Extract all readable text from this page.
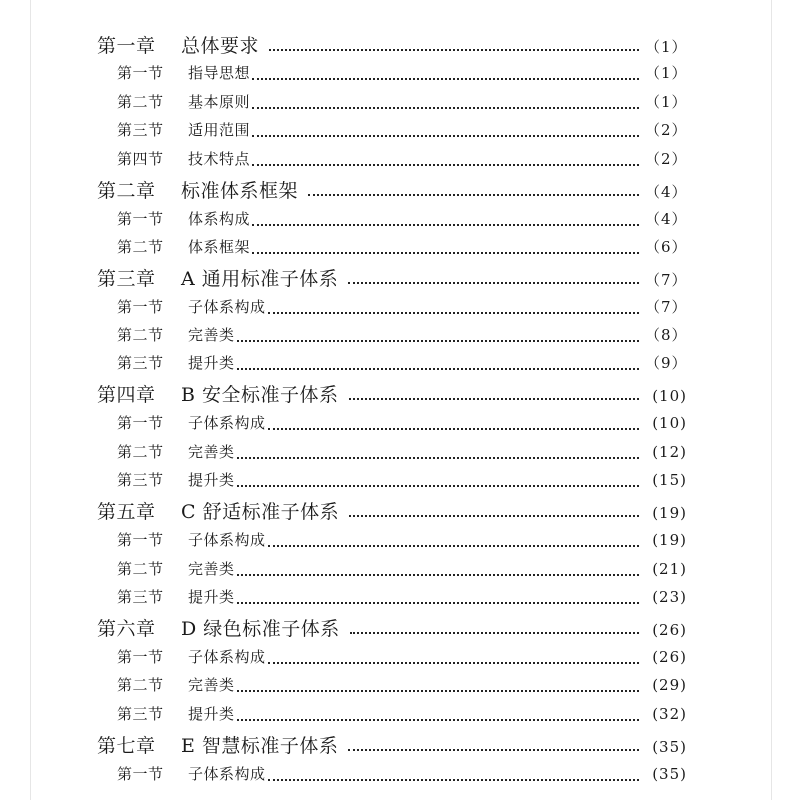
第一章	总体要求	（1）
第一节	指导思想	（1）
第二节	基本原则	（1）
第三节	适用范围	（2）
第四节	技术特点	（2）
第二章	标准体系框架	（4）
第一节	体系构成	（4）
第二节	体系框架	（6）
第三章	A 通用标准子体系	（7）
第一节	子体系构成	（7）
第二节	完善类	（8）
第三节	提升类	（9）
第四章	B 安全标准子体系	(10)
第一节	子体系构成	(10)
第二节	完善类	(12)
第三节	提升类	(15)
第五章	C 舒适标准子体系	(19)
第一节	子体系构成	(19)
第二节	完善类	(21)
第三节	提升类	(23)
第六章	D 绿色标准子体系	(26)
第一节	子体系构成	(26)
第二节	完善类	(29)
第三节	提升类	(32)
第七章	E 智慧标准子体系	(35)
第一节	子体系构成	(35)
